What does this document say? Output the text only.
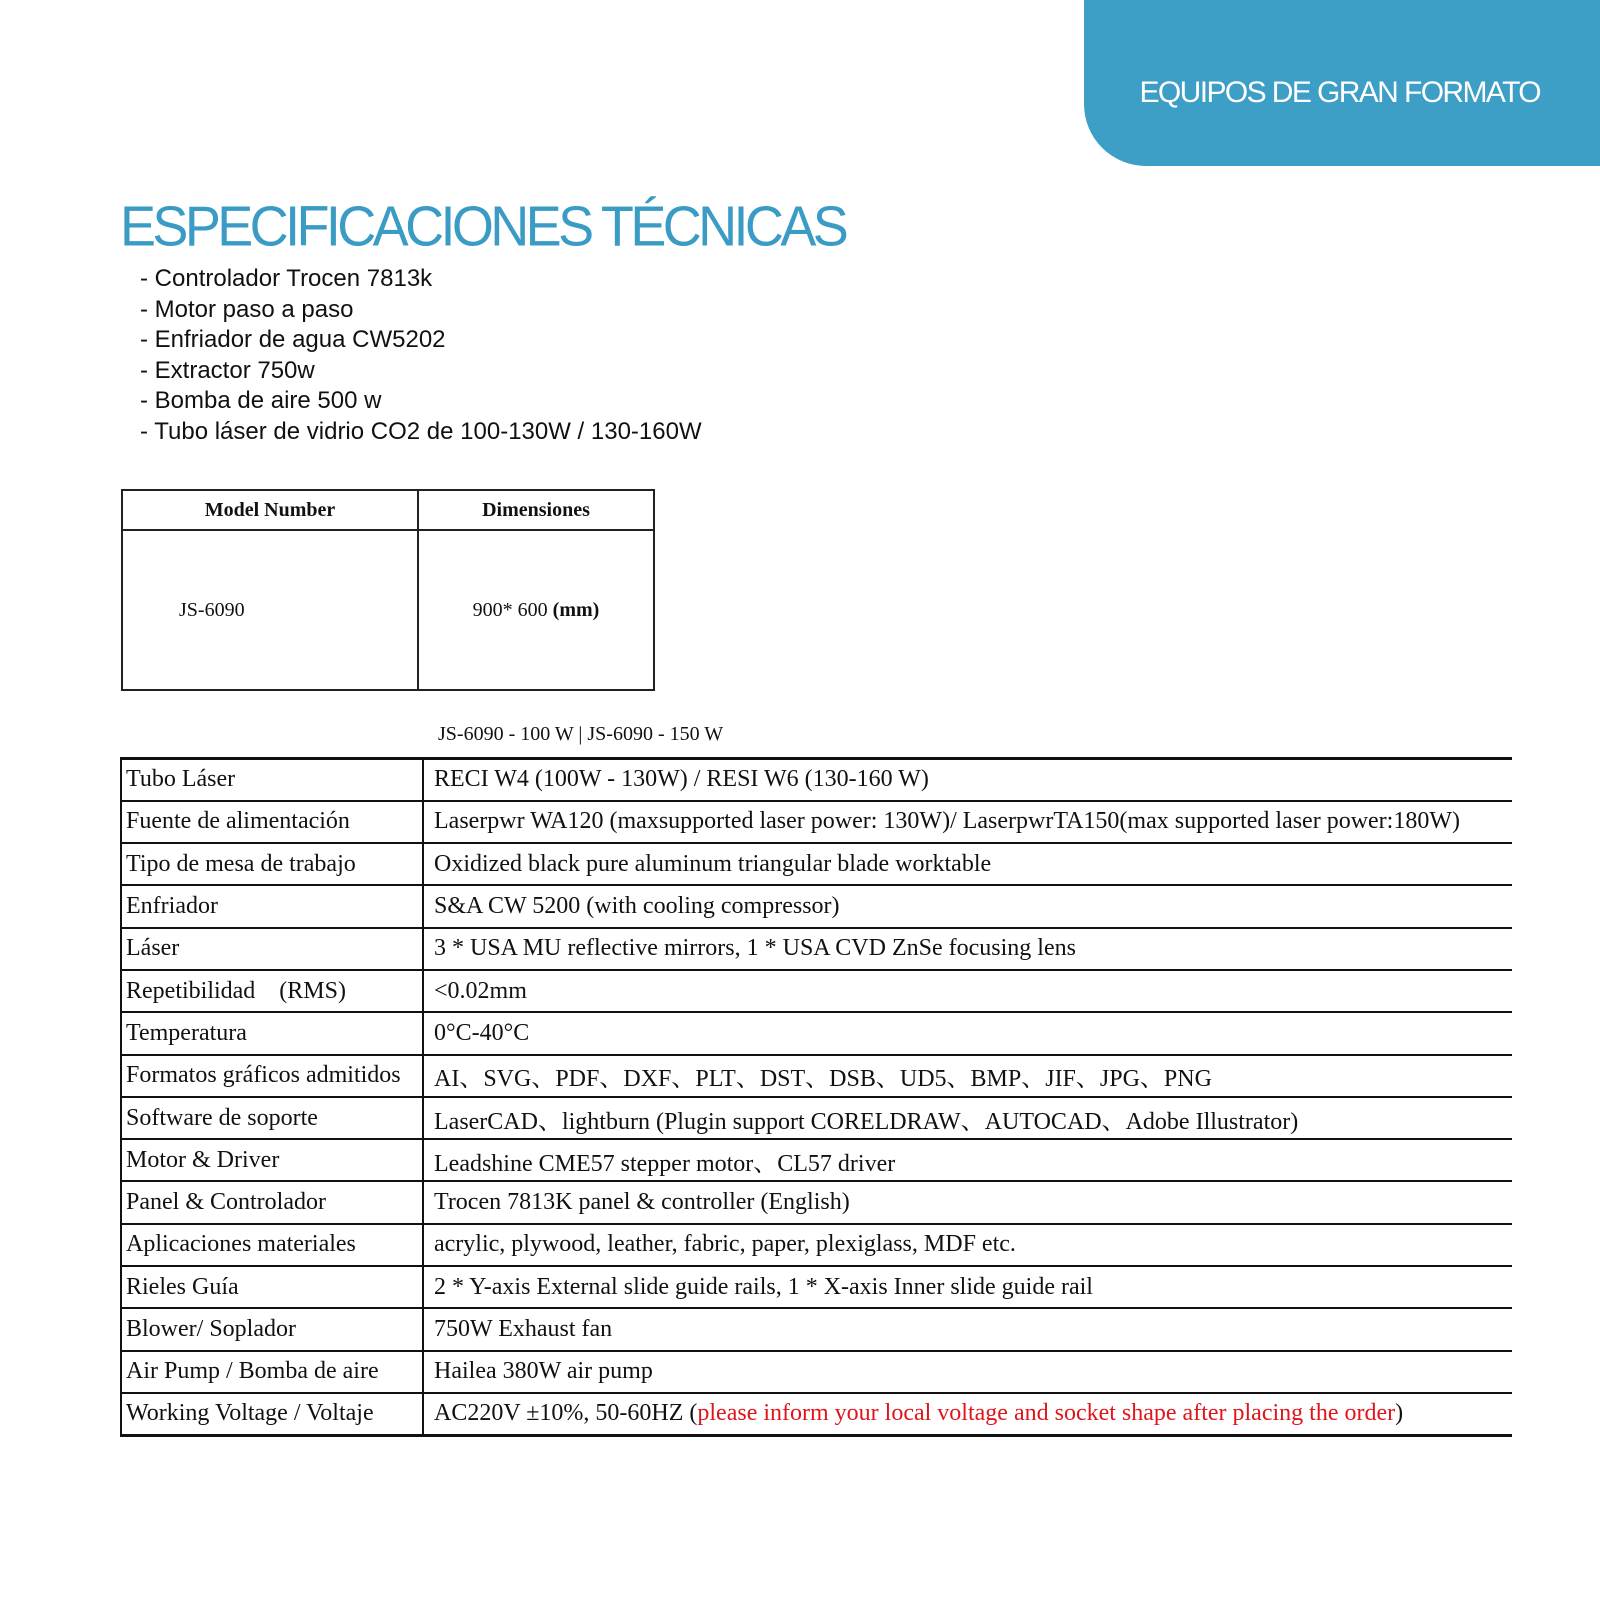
EQUIPOS DE GRAN FORMATO
ESPECIFICACIONES TÉCNICAS
- Controlador Trocen 7813k
- Motor paso a paso
- Enfriador de agua CW5202
- Extractor 750w
- Bomba de aire 500 w
- Tubo láser de vidrio CO2 de 100-130W / 130-160W
Model Number	Dimensiones
JS-6090	900* 600 (mm)
JS-6090 - 100 W | JS-6090 - 150 W
Tubo Láser	RECI W4 (100W - 130W) / RESI W6 (130-160 W)
Fuente de alimentación	Laserpwr WA120 (maxsupported laser power: 130W)/ LaserpwrTA150(max supported laser power:180W)
Tipo de mesa de trabajo	Oxidized black pure aluminum triangular blade worktable
Enfriador	S&A CW 5200 (with cooling compressor)
Láser	3 * USA MU reflective mirrors, 1 * USA CVD ZnSe focusing lens
Repetibilidad    (RMS)	<0.02mm
Temperatura	0°C-40°C
Formatos gráficos admitidos	AI、SVG、PDF、DXF、PLT、DST、DSB、UD5、BMP、JIF、JPG、PNG
Software de soporte	LaserCAD、lightburn (Plugin support CORELDRAW、AUTOCAD、Adobe Illustrator)
Motor & Driver	Leadshine CME57 stepper motor、CL57 driver
Panel & Controlador	Trocen 7813K panel & controller (English)
Aplicaciones materiales	acrylic, plywood, leather, fabric, paper, plexiglass, MDF etc.
Rieles Guía	2 * Y-axis External slide guide rails, 1 * X-axis Inner slide guide rail
Blower/ Soplador	750W Exhaust fan
Air Pump / Bomba de aire	Hailea 380W air pump
Working Voltage / Voltaje	AC220V ±10%, 50-60HZ (please inform your local voltage and socket shape after placing the order)
